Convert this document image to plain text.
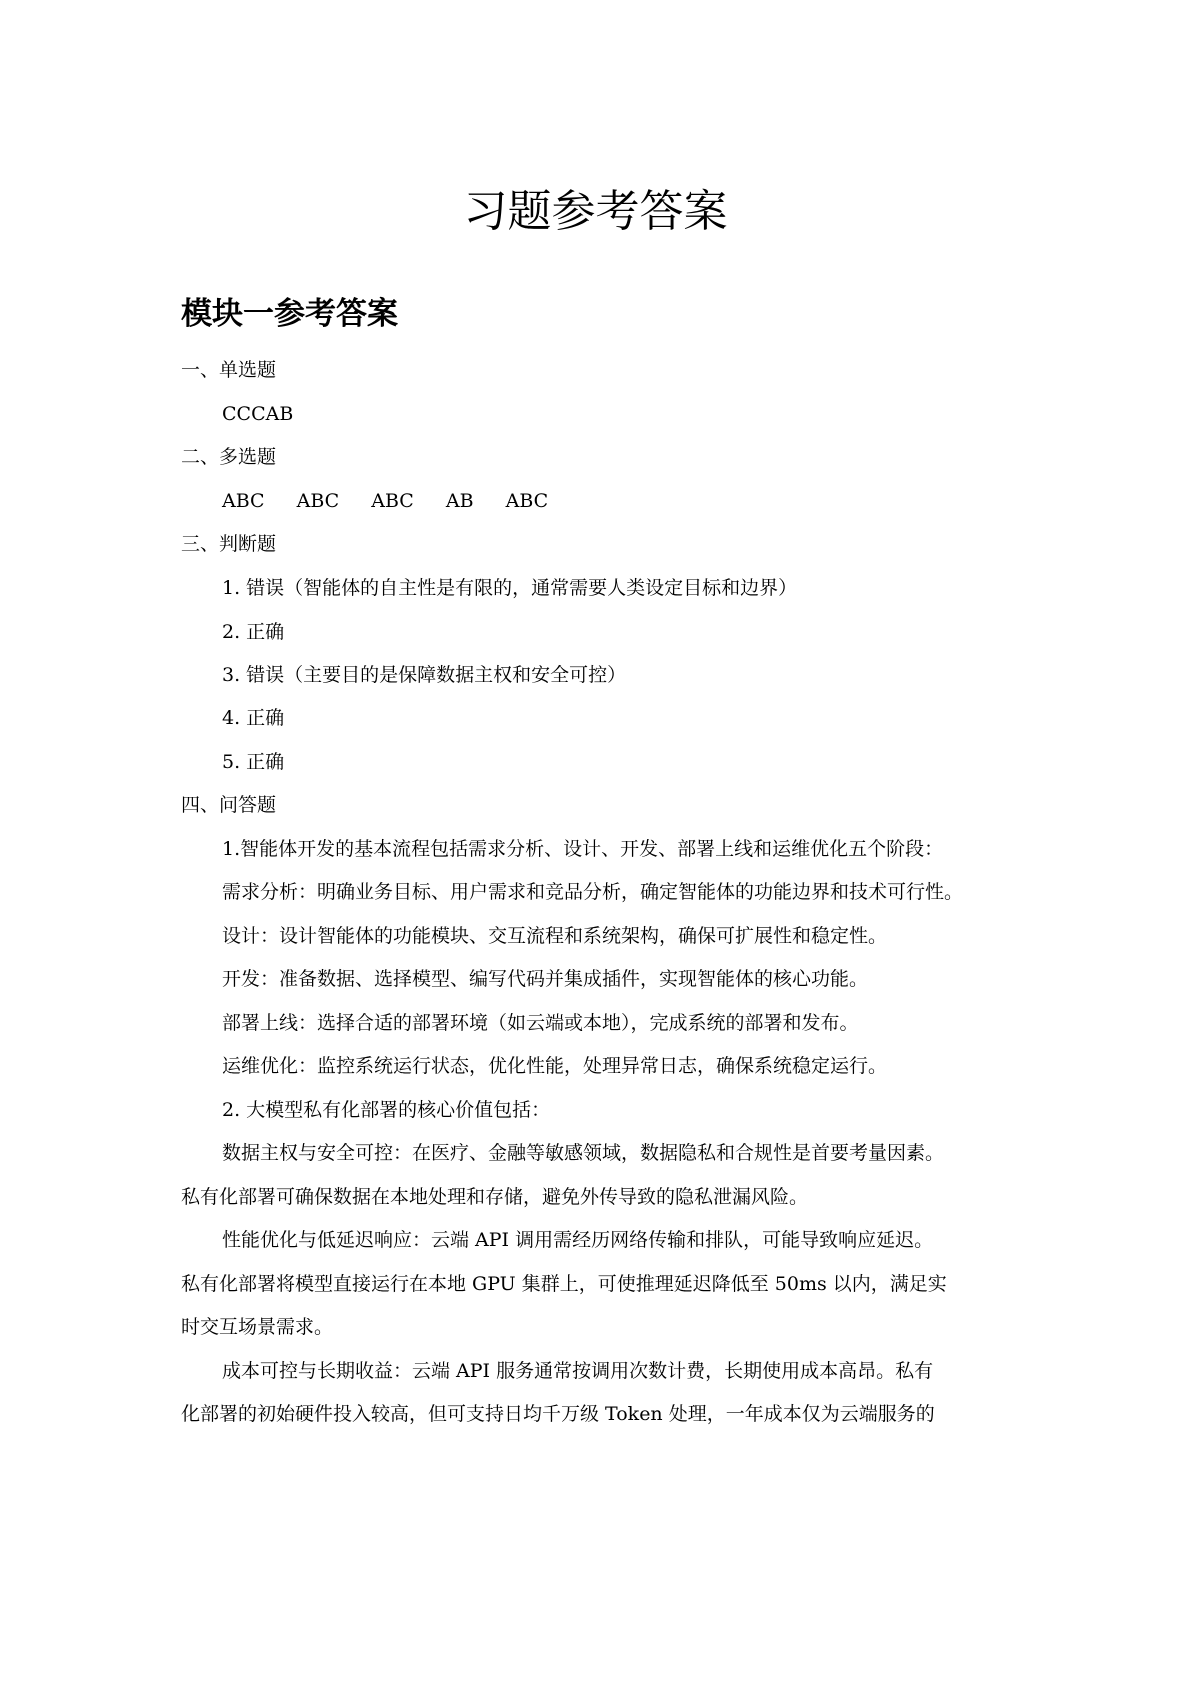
习题参考答案
模块一参考答案

一、单选题

CCCAB

二、多选题

ABC ABC ABC AB ABC

三、判断题

1. 错误（智能体的自主性是有限的，通常需要人类设定目标和边界）

2. 正确

3. 错误（主要目的是保障数据主权和安全可控）

4. 正确

5. 正确

四、问答题

1.智能体开发的基本流程包括需求分析、设计、开发、部署上线和运维优化五个阶段：

需求分析：明确业务目标、用户需求和竞品分析，确定智能体的功能边界和技术可行性。

设计：设计智能体的功能模块、交互流程和系统架构，确保可扩展性和稳定性。

开发：准备数据、选择模型、编写代码并集成插件，实现智能体的核心功能。

部署上线：选择合适的部署环境（如云端或本地），完成系统的部署和发布。

运维优化：监控系统运行状态，优化性能，处理异常日志，确保系统稳定运行。

2. 大模型私有化部署的核心价值包括：

数据主权与安全可控：在医疗、金融等敏感领域，数据隐私和合规性是首要考量因素。

私有化部署可确保数据在本地处理和存储，避免外传导致的隐私泄漏风险。

性能优化与低延迟响应：云端 API 调用需经历网络传输和排队，可能导致响应延迟。

私有化部署将模型直接运行在本地 GPU 集群上，可使推理延迟降低至 50ms 以内，满足实

时交互场景需求。

成本可控与长期收益：云端 API 服务通常按调用次数计费，长期使用成本高昂。私有

化部署的初始硬件投入较高，但可支持日均千万级 Token 处理，一年成本仅为云端服务的
